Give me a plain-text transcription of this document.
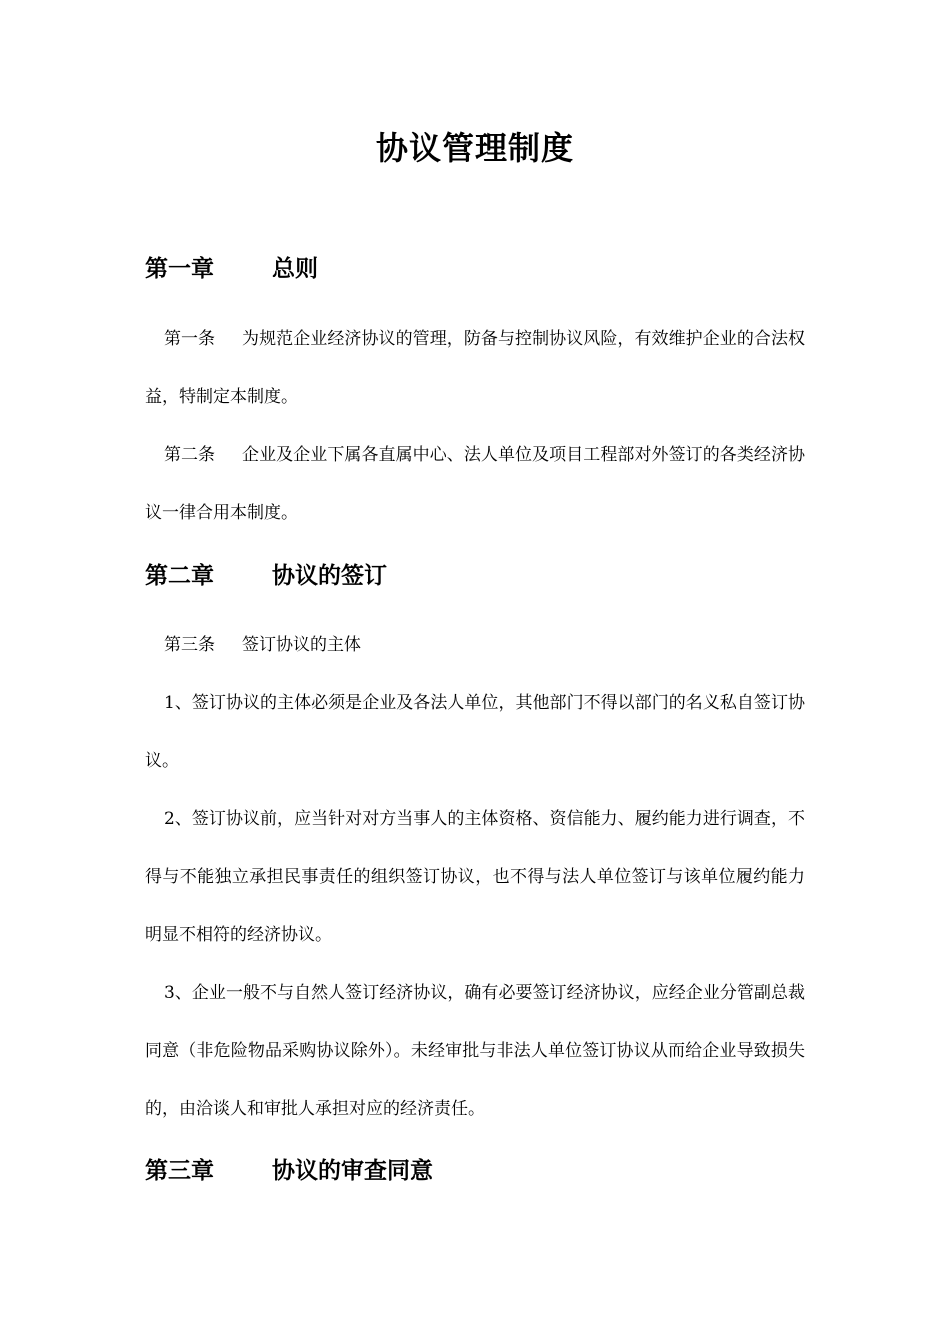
协议管理制度
第一章	总则
第一条 为规范企业经济协议的管理，防备与控制协议风险，有效维护企业的合法权益，特制定本制度。
第二条 企业及企业下属各直属中心、法人单位及项目工程部对外签订的各类经济协议一律合用本制度。
第二章	协议的签订
第三条 签订协议的主体
1、签订协议的主体必须是企业及各法人单位，其他部门不得以部门的名义私自签订协议。
2、签订协议前，应当针对对方当事人的主体资格、资信能力、履约能力进行调查，不得与不能独立承担民事责任的组织签订协议，也不得与法人单位签订与该单位履约能力明显不相符的经济协议。
3、企业一般不与自然人签订经济协议，确有必要签订经济协议，应经企业分管副总裁同意（非危险物品采购协议除外）。未经审批与非法人单位签订协议从而给企业导致损失的，由洽谈人和审批人承担对应的经济责任。
第三章	协议的审查同意
